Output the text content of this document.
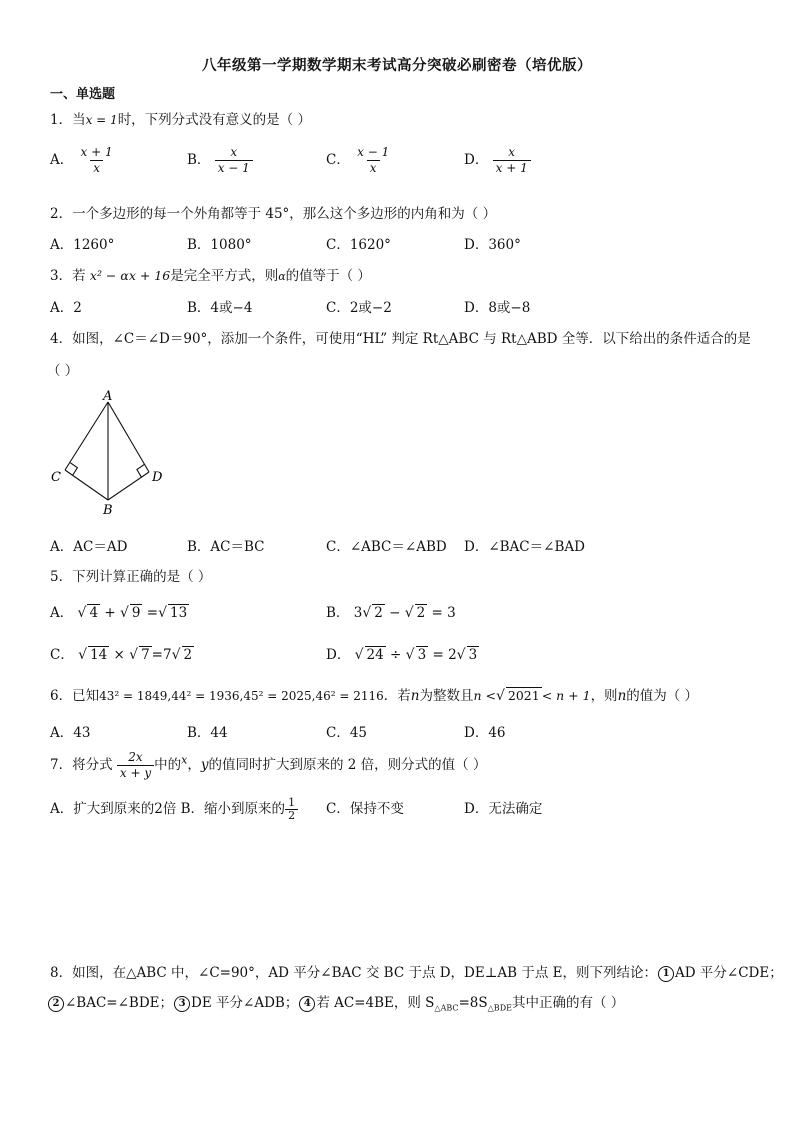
八年级第一学期数学期末考试高分突破必刷密卷（培优版）
一、单选题
1．当x = 1时，下列分式没有意义的是（ ）
A． $\frac{x + 1}{x}$	B． $\frac{x}{x - 1}$	C． $\frac{x - 1}{x}$	D． $\frac{x}{x + 1}$
2．一个多边形的每一个外角都等于 45°，那么这个多边形的内角和为（ ）
A．1260°	B．1080°	C．1620°	D．360°
3．若 x² − αx + 16是完全平方式，则α的值等于（ ）
A．2	B．4或−4	C．2或−2	D．8或−8
4．如图，∠C＝∠D＝90°，添加一个条件，可使用“HL” 判定 Rt△ABC 与 Rt△ABD 全等．以下给出的条件适合的是
（ ）
A
C	D
B
A．AC＝AD	B．AC＝BC	C．∠ABC＝∠ABD D．∠BAC＝∠BAD
5．下列计算正确的是（ ）
A． √ 4 + √ 9 =√ 13	B． 3√ 2 − √ 2 = 3
C． √ 14 × √ 7 =7√ 2	D． √ 24 ÷ √ 3 = 2√ 3
6．已知43² = 1849,44² = 1936,45² = 2025,46² = 2116．若n为整数且n <√ 2021 < n + 1，则n的值为（ ）
A．43	B．44	C．45	D．46
7．将分式 $\frac{2x}{x + y}$ 中的$^x$，y的值同时扩大到原来的 2 倍，则分式的值（ ）
A．扩大到原来的2倍 B．缩小到原来的 $\frac{1}{2}$ C．保持不变	D．无法确定
8．如图，在△ABC 中，∠C=90°，AD 平分∠BAC 交 BC 于点 D，DE⊥AB 于点 E，则下列结论： 1 AD 平分∠CDE；
2 ∠BAC=∠BDE； 3 DE 平分∠ADB； 4 若 AC=4BE，则 $S_{\triangle ABC}=8S_{\triangle BDE}$其中正确的有（ ）
